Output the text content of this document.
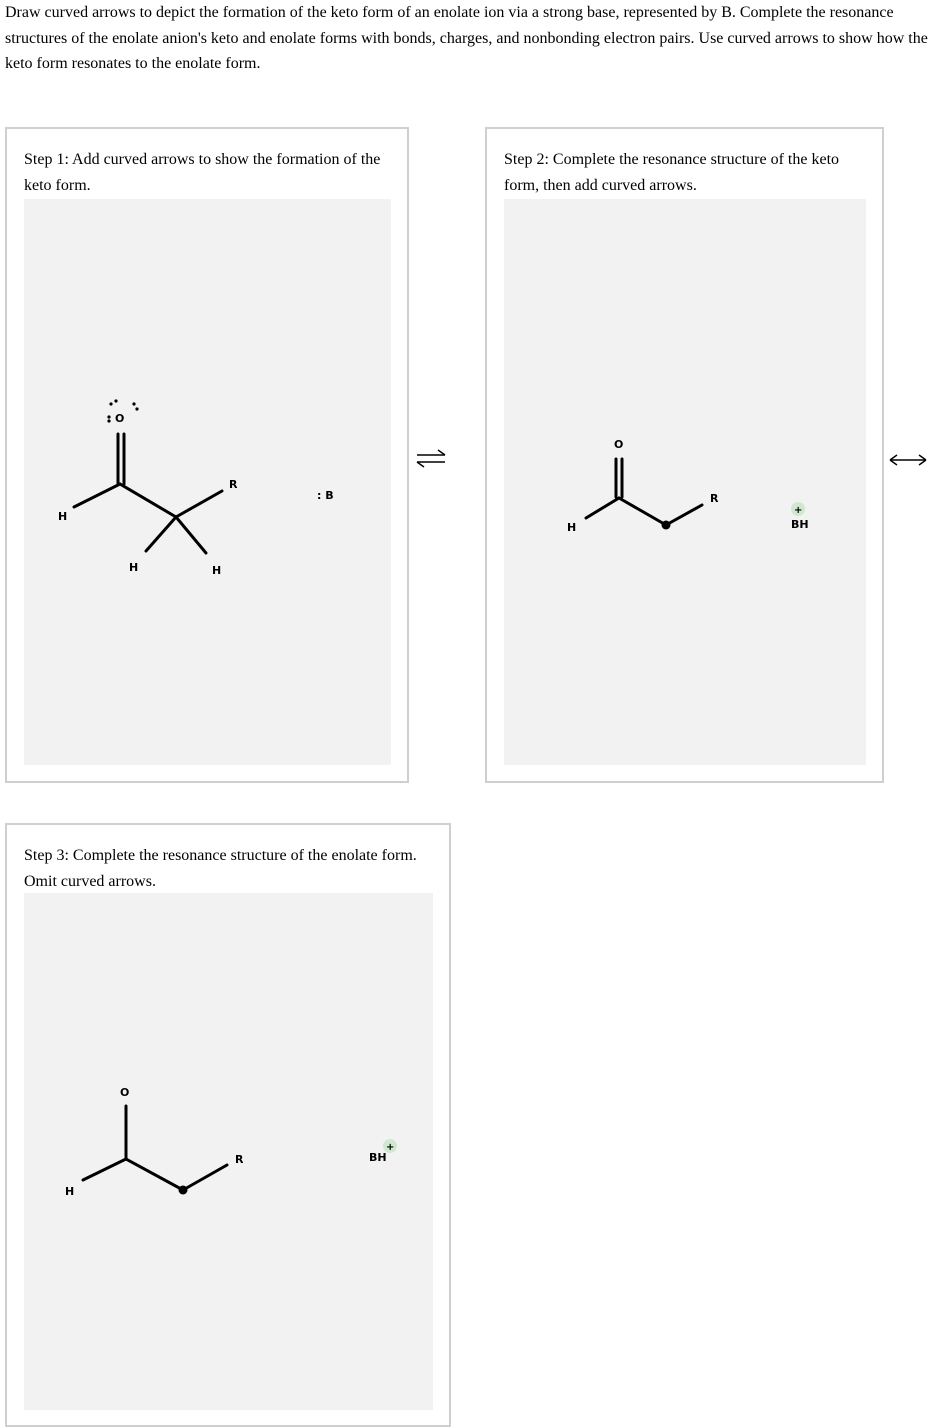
Draw curved arrows to depict the formation of the keto form of an enolate ion via a strong base, represented by B. Complete the resonance structures of the enolate anion's keto and enolate forms with bonds, charges, and nonbonding electron pairs. Use curved arrows to show how the keto form resonates to the enolate form.
Step 1: Add curved arrows to show the formation of the keto form.
O
H
R
H	H
: B
Step 2: Complete the resonance structure of the keto form, then add curved arrows.
O
H
R
+
BH
Step 3: Complete the resonance structure of the enolate form. Omit curved arrows.
O
H
R
+
BH
